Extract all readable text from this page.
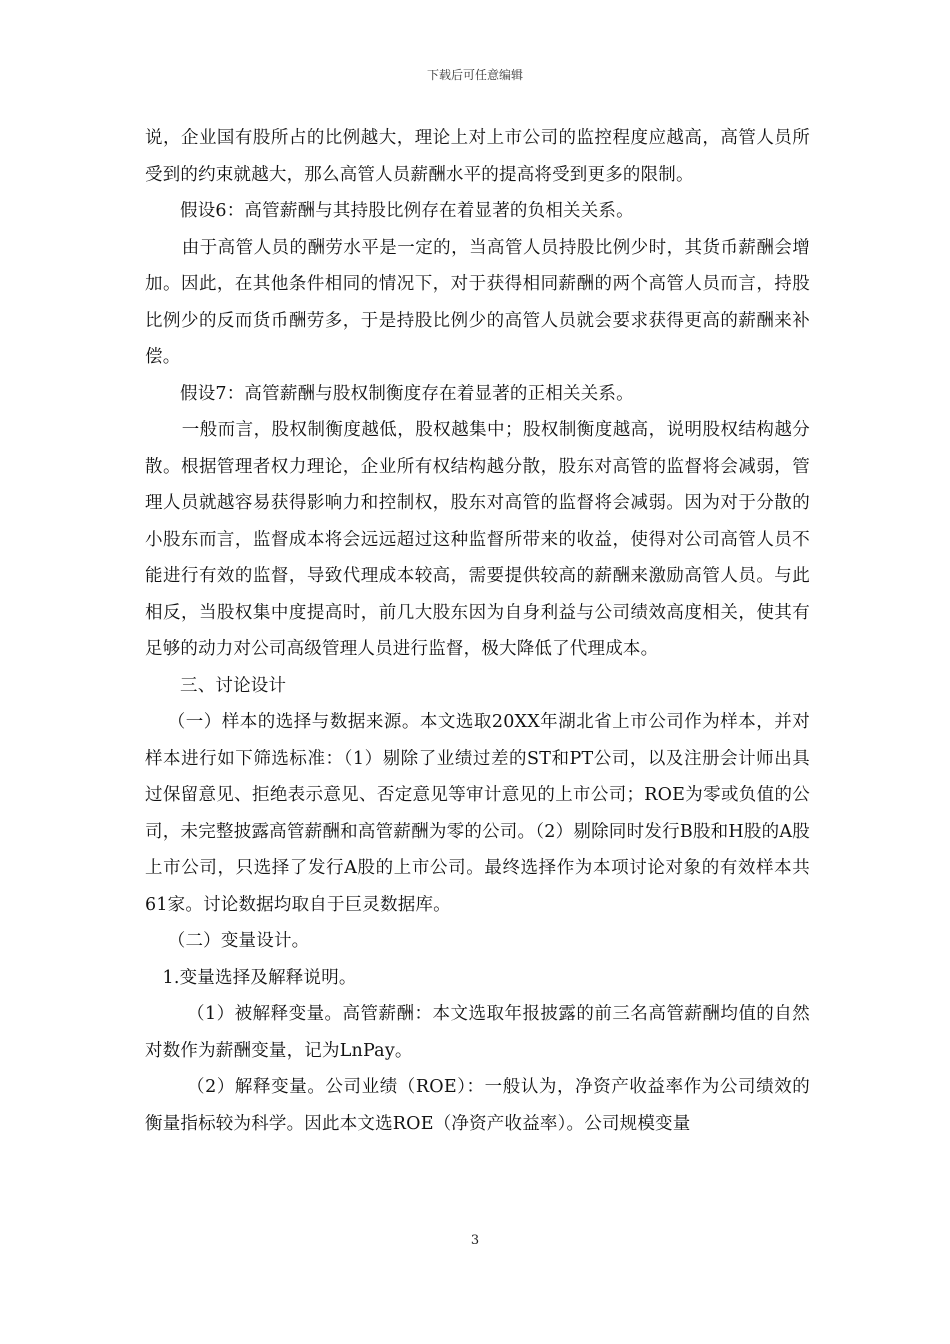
下载后可任意编辑

说，企业国有股所占的比例越大，理论上对上市公司的监控程度应越高，高管人员所受到的约束就越大，那么高管人员薪酬水平的提高将受到更多的限制。

假设6：高管薪酬与其持股比例存在着显著的负相关关系。

由于高管人员的酬劳水平是一定的，当高管人员持股比例少时，其货币薪酬会增加。因此，在其他条件相同的情况下，对于获得相同薪酬的两个高管人员而言，持股比例少的反而货币酬劳多，于是持股比例少的高管人员就会要求获得更高的薪酬来补偿。

假设7：高管薪酬与股权制衡度存在着显著的正相关关系。

一般而言，股权制衡度越低，股权越集中；股权制衡度越高，说明股权结构越分散。根据管理者权力理论，企业所有权结构越分散，股东对高管的监督将会减弱，管理人员就越容易获得影响力和控制权，股东对高管的监督将会减弱。因为对于分散的小股东而言，监督成本将会远远超过这种监督所带来的收益，使得对公司高管人员不能进行有效的监督，导致代理成本较高，需要提供较高的薪酬来激励高管人员。与此相反，当股权集中度提高时，前几大股东因为自身利益与公司绩效高度相关，使其有足够的动力对公司高级管理人员进行监督，极大降低了代理成本。

三、讨论设计

（一）样本的选择与数据来源。本文选取20XX年湖北省上市公司作为样本，并对样本进行如下筛选标准：（1）剔除了业绩过差的ST和PT公司，以及注册会计师出具过保留意见、拒绝表示意见、否定意见等审计意见的上市公司；ROE为零或负值的公司，未完整披露高管薪酬和高管薪酬为零的公司。（2）剔除同时发行B股和H股的A股上市公司，只选择了发行A股的上市公司。最终选择作为本项讨论对象的有效样本共61家。讨论数据均取自于巨灵数据库。

（二）变量设计。

1.变量选择及解释说明。

（1）被解释变量。高管薪酬：本文选取年报披露的前三名高管薪酬均值的自然对数作为薪酬变量，记为LnPay。

（2）解释变量。公司业绩（ROE）：一般认为，净资产收益率作为公司绩效的衡量指标较为科学。因此本文选ROE（净资产收益率）。公司规模变量

3
